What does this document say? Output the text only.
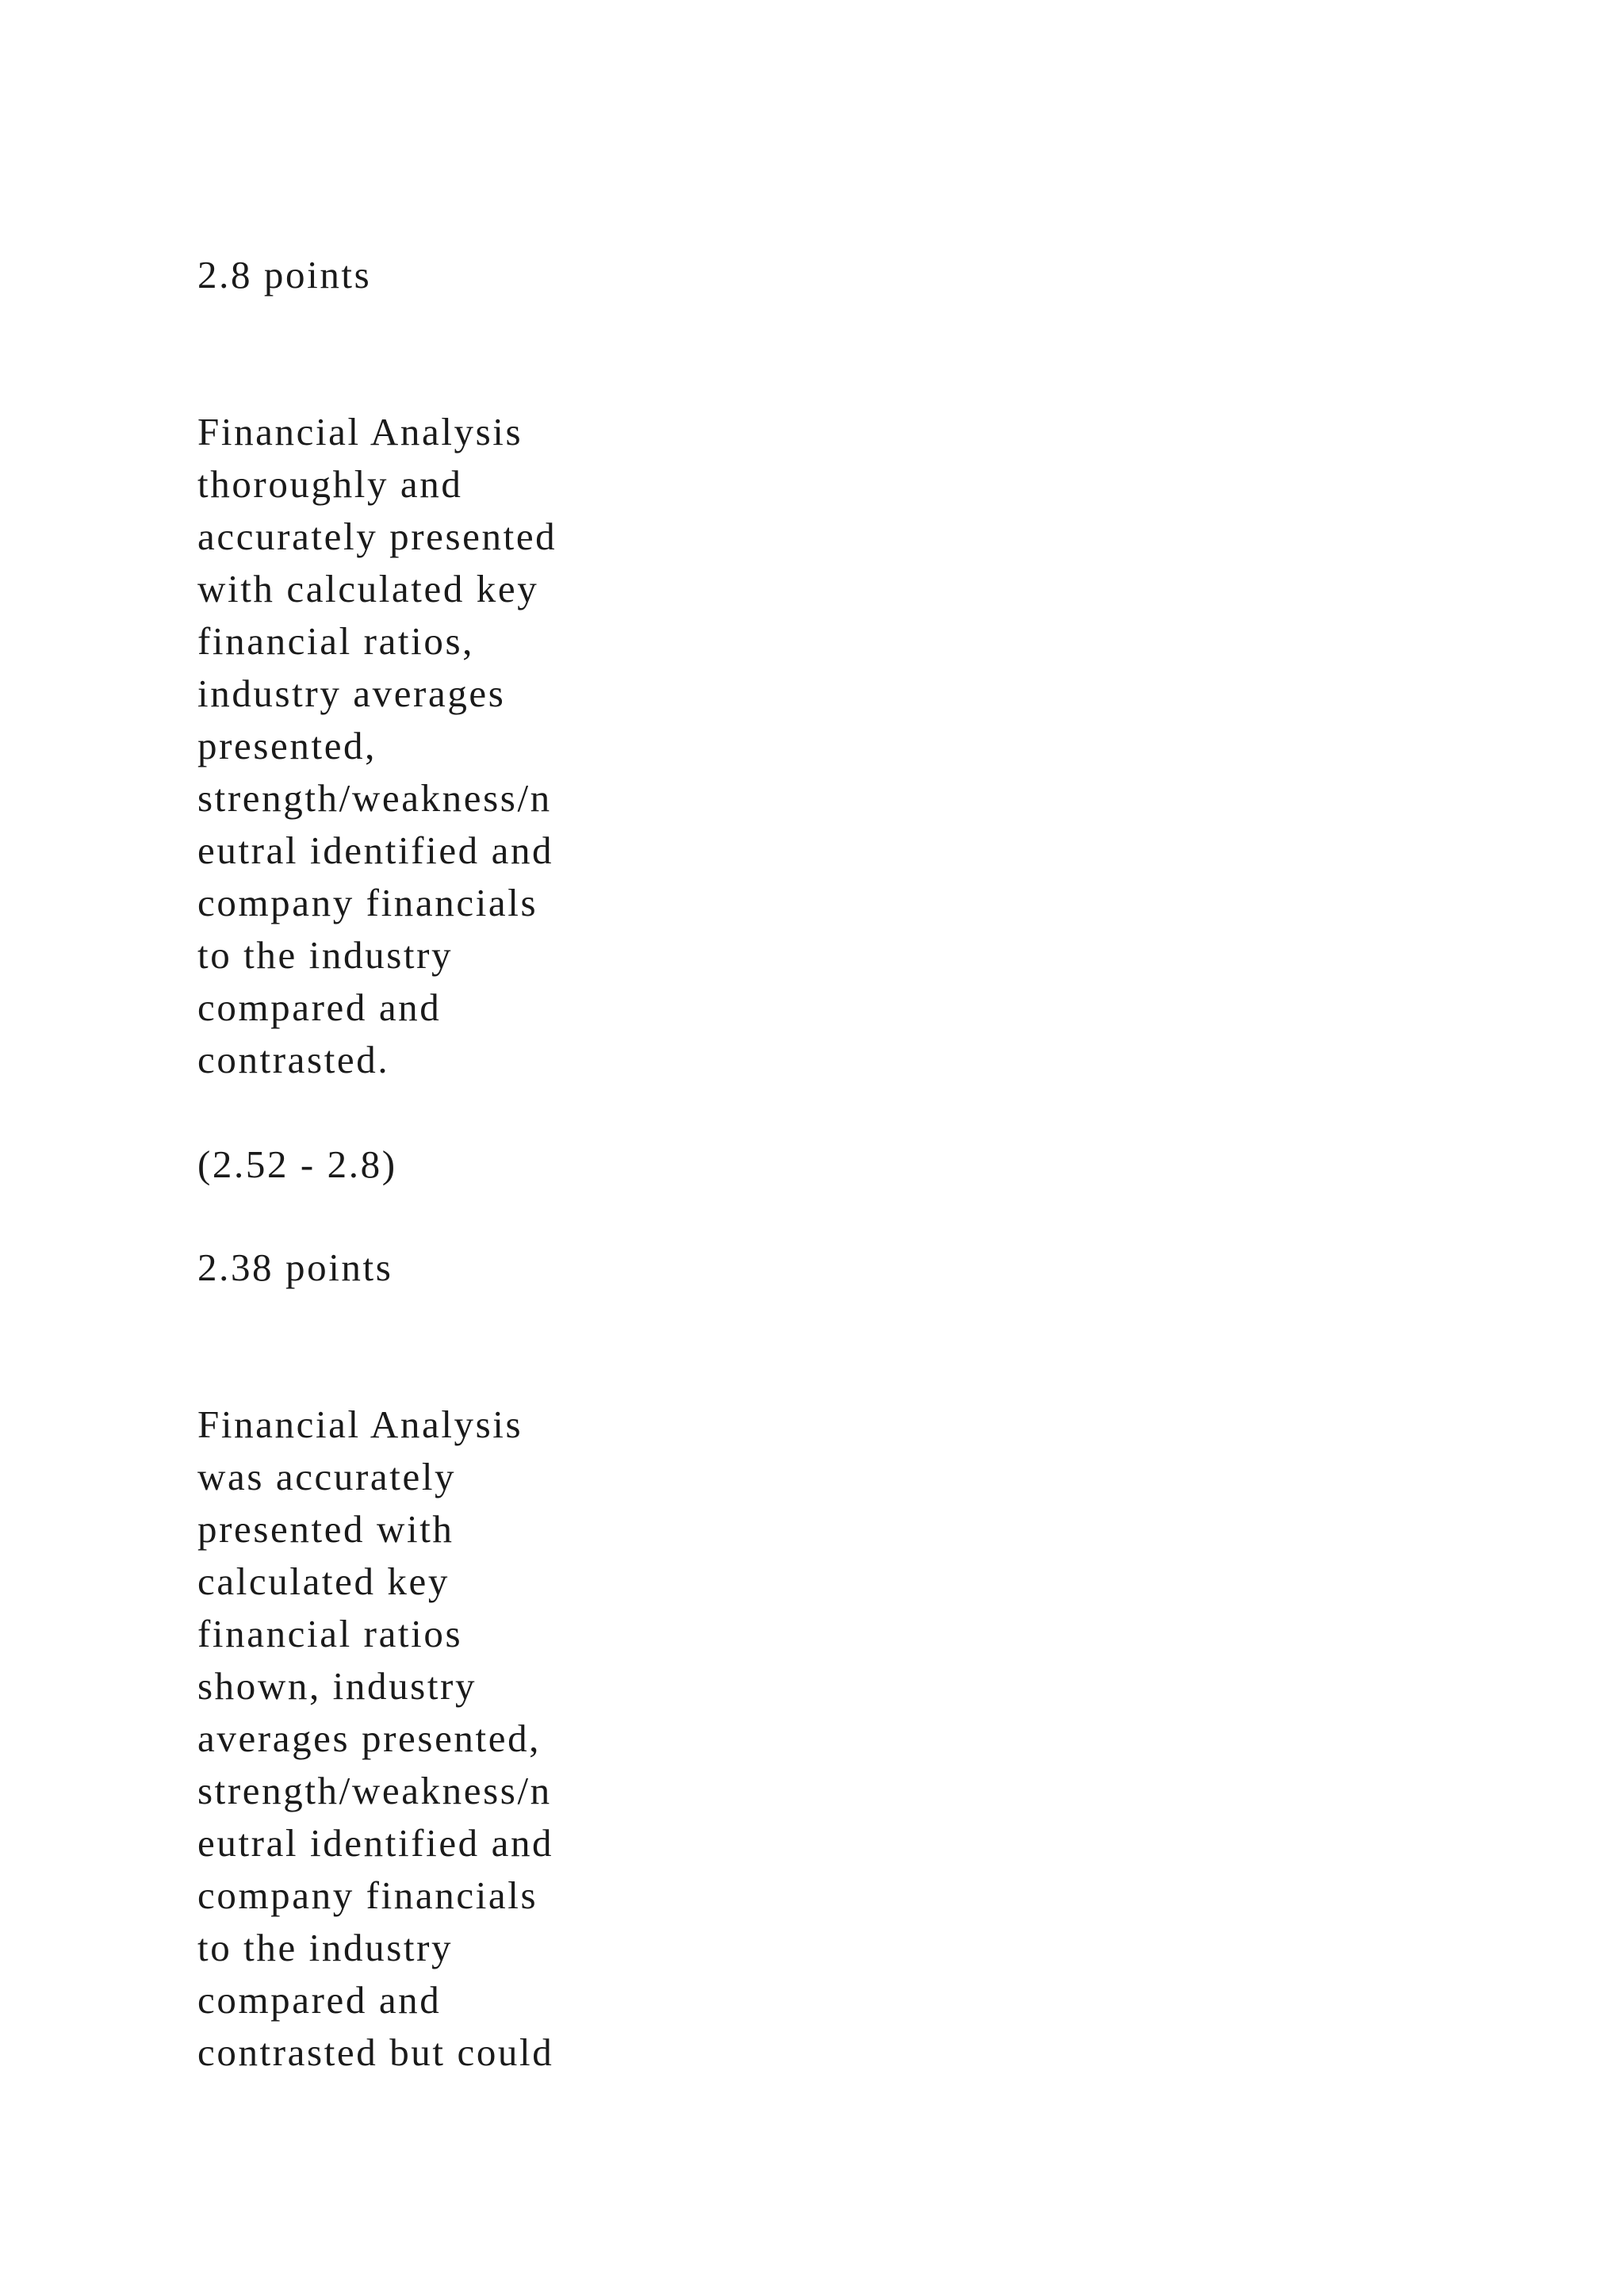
2.8 points
Financial Analysis
thoroughly and
accurately presented
with calculated key
financial ratios,
industry averages
presented,
strength/weakness/n
eutral identified and
company financials
to the industry
compared and
contrasted.
(2.52 - 2.8)
2.38 points
Financial Analysis
was accurately
presented with
calculated key
financial ratios
shown, industry
averages presented,
strength/weakness/n
eutral identified and
company financials
to the industry
compared and
contrasted but could
